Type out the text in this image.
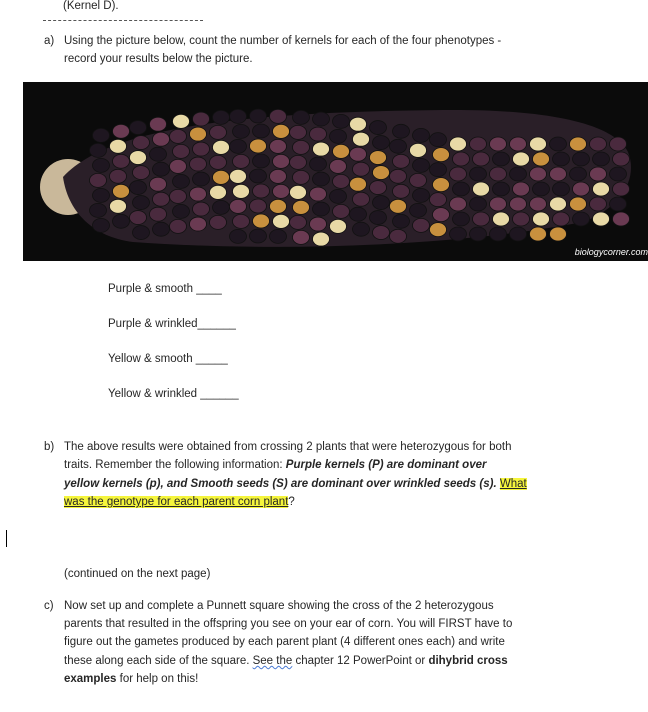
(Kernel D).
a) Using the picture below, count the number of kernels for each of the four phenotypes -
record your results below the picture.
biologycorner.com
Purple & smooth ____
Purple & wrinkled______
Yellow & smooth _____
Yellow & wrinkled ______
b) The above results were obtained from crossing 2 plants that were heterozygous for both
traits. Remember the following information: Purple kernels (P) are dominant over
yellow kernels (p), and Smooth seeds (S) are dominant over wrinkled seeds (s). What
was the genotype for each parent corn plant?
(continued on the next page)
c) Now set up and complete a Punnett square showing the cross of the 2 heterozygous
parents that resulted in the offspring you see on your ear of corn. You will FIRST have to
figure out the gametes produced by each parent plant (4 different ones each) and write
these along each side of the square. See the chapter 12 PowerPoint or dihybrid cross
examples for help on this!
